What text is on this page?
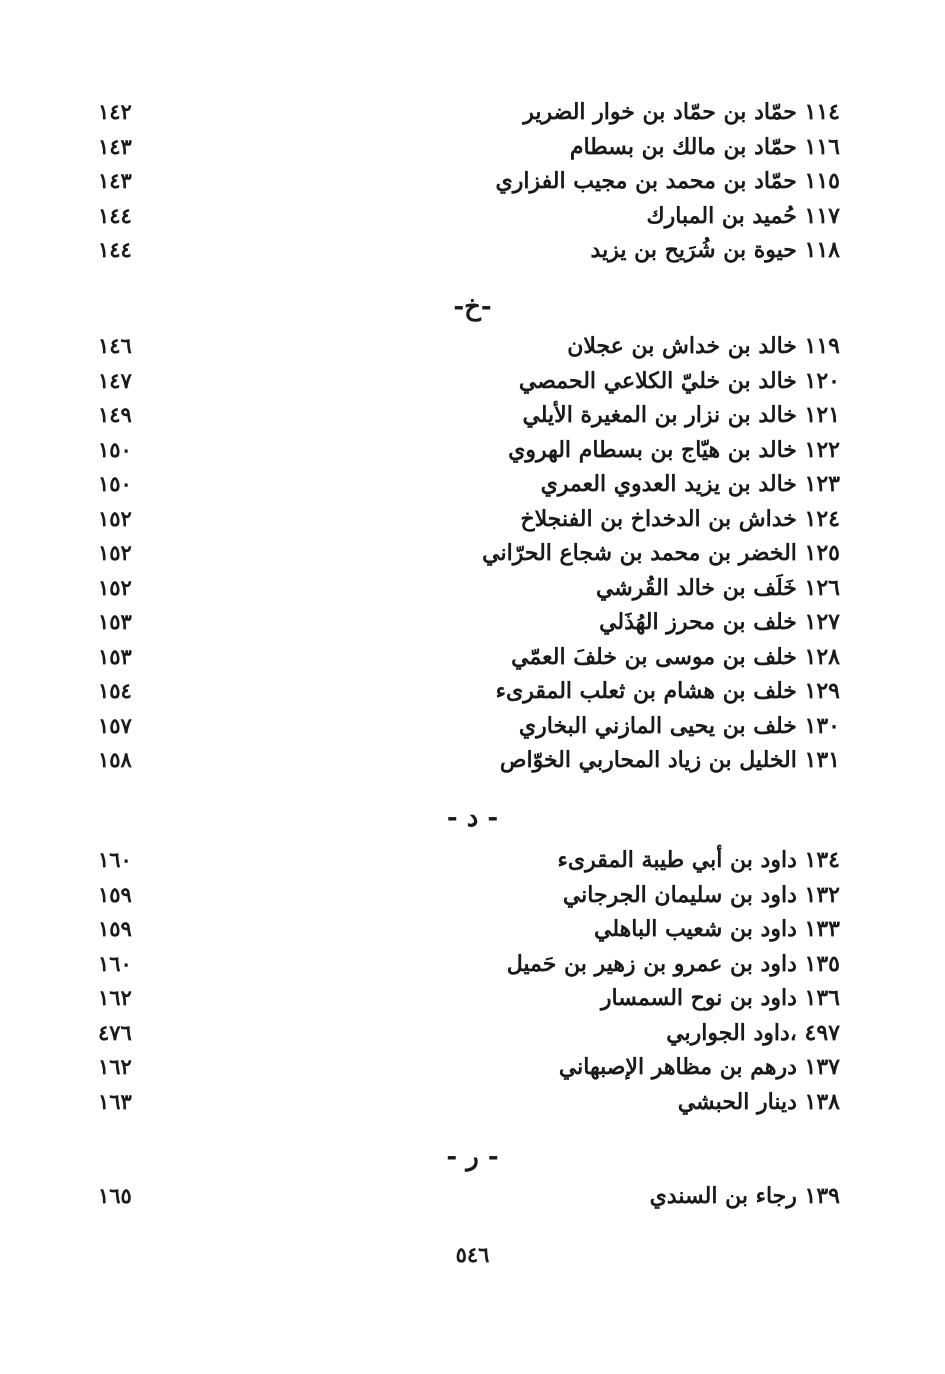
١١٤ حمّاد بن حمّاد بن خوار الضرير
١٤٢
١١٦ حمّاد بن مالك بن بسطام
١٤٣
١١٥ حمّاد بن محمد بن مجيب الفزاري
١٤٣
١١٧ حُميد بن المبارك
١٤٤
١١٨ حيوة بن شُرَيح بن يزيد
١٤٤
-خ-
١١٩ خالد بن خداش بن عجلان
١٤٦
١٢٠ خالد بن خليّ الكلاعي الحمصي
١٤٧
١٢١ خالد بن نزار بن المغيرة الأيلي
١٤٩
١٢٢ خالد بن هيّاج بن بسطام الهروي
١٥٠
١٢٣ خالد بن يزيد العدوي العمري
١٥٠
١٢٤ خداش بن الدخداخ بن الفنجلاخ
١٥٢
١٢٥ الخضر بن محمد بن شجاع الحرّاني
١٥٢
١٢٦ خَلَف بن خالد القُرشي
١٥٢
١٢٧ خلف بن محرز الهُذَلي
١٥٣
١٢٨ خلف بن موسى بن خلفَ العمّي
١٥٣
١٢٩ خلف بن هشام بن ثعلب المقرىء
١٥٤
١٣٠ خلف بن يحيى المازني البخاري
١٥٧
١٣١ الخليل بن زياد المحاربي الخوّاص
١٥٨
- د -
١٣٤ داود بن أبي طيبة المقرىء
١٦٠
١٣٢ داود بن سليمان الجرجاني
١٥٩
١٣٣ داود بن شعيب الباهلي
١٥٩
١٣٥ داود بن عمرو بن زهير بن حَميل
١٦٠
١٣٦ داود بن نوح السمسار
١٦٢
٤٩٧ ،داود الجواربي
٤٧٦
١٣٧ درهم بن مظاهر الإصبهاني
١٦٢
١٣٨ دينار الحبشي
١٦٣
- ر -
١٣٩ رجاء بن السندي
١٦٥
٥٤٦
